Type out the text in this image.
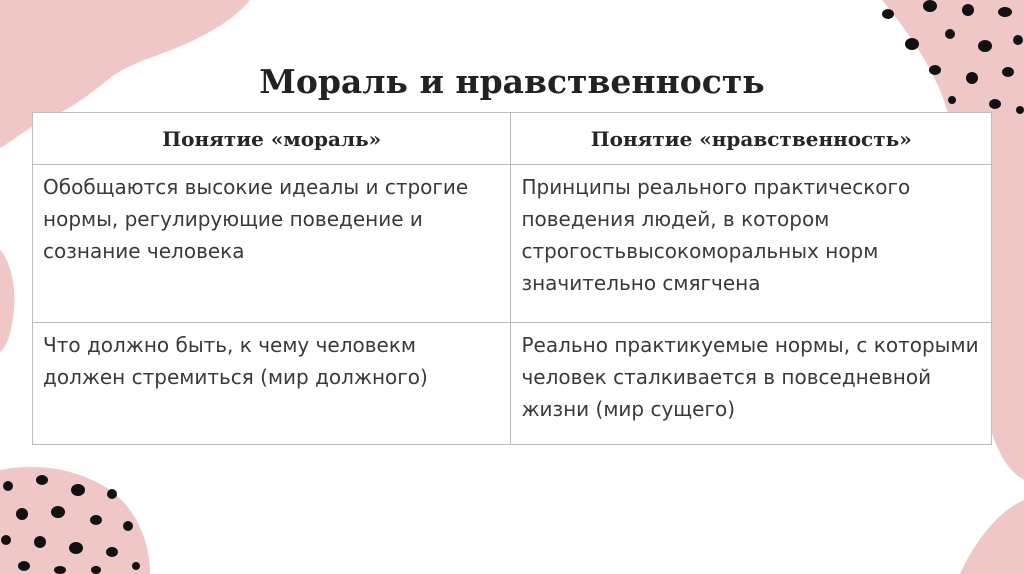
Мораль и нравственность
Понятие «мораль»	Понятие «нравственность»
Обобщаются высокие идеалы и строгие нормы, регулирующие поведение и сознание человека	Принципы реального практического поведения людей, в котором строгостьвысокоморальных норм значительно смягчена
Что должно быть, к чему человекм должен стремиться (мир должного)	Реально практикуемые нормы, с которыми человек сталкивается в повседневной жизни (мир сущего)
